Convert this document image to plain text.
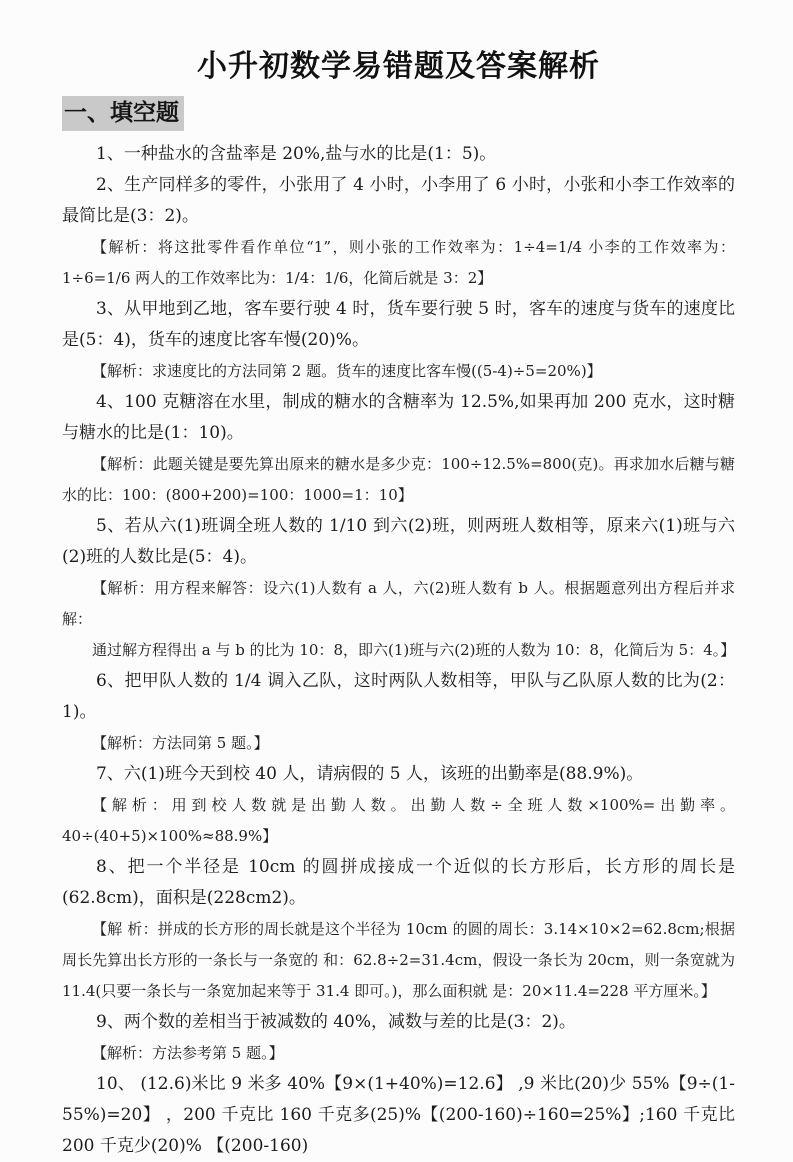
小升初数学易错题及答案解析
一、填空题
1、一种盐水的含盐率是 20%,盐与水的比是(1：5)。
2、生产同样多的零件，小张用了 4 小时，小李用了 6 小时，小张和小李工作效率的最简比是(3：2)。
【解析：将这批零件看作单位“1”，则小张的工作效率为：1÷4=1/4 小李的工作效率为：1÷6=1/6 两人的工作效率比为：1/4：1/6，化简后就是 3：2】
3、从甲地到乙地，客车要行驶 4 时，货车要行驶 5 时，客车的速度与货车的速度比是(5：4)，货车的速度比客车慢(20)%。
【解析：求速度比的方法同第 2 题。货车的速度比客车慢((5-4)÷5=20%)】
4、100 克糖溶在水里，制成的糖水的含糖率为 12.5%,如果再加 200 克水，这时糖与糖水的比是(1：10)。
【解析：此题关键是要先算出原来的糖水是多少克：100÷12.5%=800(克)。再求加水后糖与糖水的比：100：(800+200)=100：1000=1：10】
5、若从六(1)班调全班人数的 1/10 到六(2)班，则两班人数相等，原来六(1)班与六(2)班的人数比是(5：4)。
【解析：用方程来解答：设六(1)人数有 a 人，六(2)班人数有 b 人。根据题意列出方程后并求解：
通过解方程得出 a 与 b 的比为 10：8，即六(1)班与六(2)班的人数为 10：8，化简后为 5：4。】
6、把甲队人数的 1/4 调入乙队，这时两队人数相等，甲队与乙队原人数的比为(2：1)。
【解析：方法同第 5 题。】
7、六(1)班今天到校 40 人，请病假的 5 人，该班的出勤率是(88.9%)。
【解析：用到校人数就是出勤人数。出勤人数÷全班人数×100%=出勤率。40÷(40+5)×100%≈88.9%】
8、把一个半径是 10cm 的圆拼成接成一个近似的长方形后，长方形的周长是(62.8cm)，面积是(228cm2)。
【解 析：拼成的长方形的周长就是这个半径为 10cm 的圆的周长：3.14×10×2=62.8cm;根据周长先算出长方形的一条长与一条宽的 和：62.8÷2=31.4cm，假设一条长为 20cm，则一条宽就为 11.4(只要一条长与一条宽加起来等于 31.4 即可。)，那么面积就 是：20×11.4=228 平方厘米。】
9、两个数的差相当于被减数的 40%，减数与差的比是(3：2)。
【解析：方法参考第 5 题。】
10、 (12.6)米比 9 米多 40%【9×(1+40%)=12.6】 ,9 米比(20)少 55%【9÷(1-55%)=20】 ，200 千克比 160 千克多(25)%【(200-160)÷160=25%】;160 千克比 200 千克少(20)% 【(200-160)
